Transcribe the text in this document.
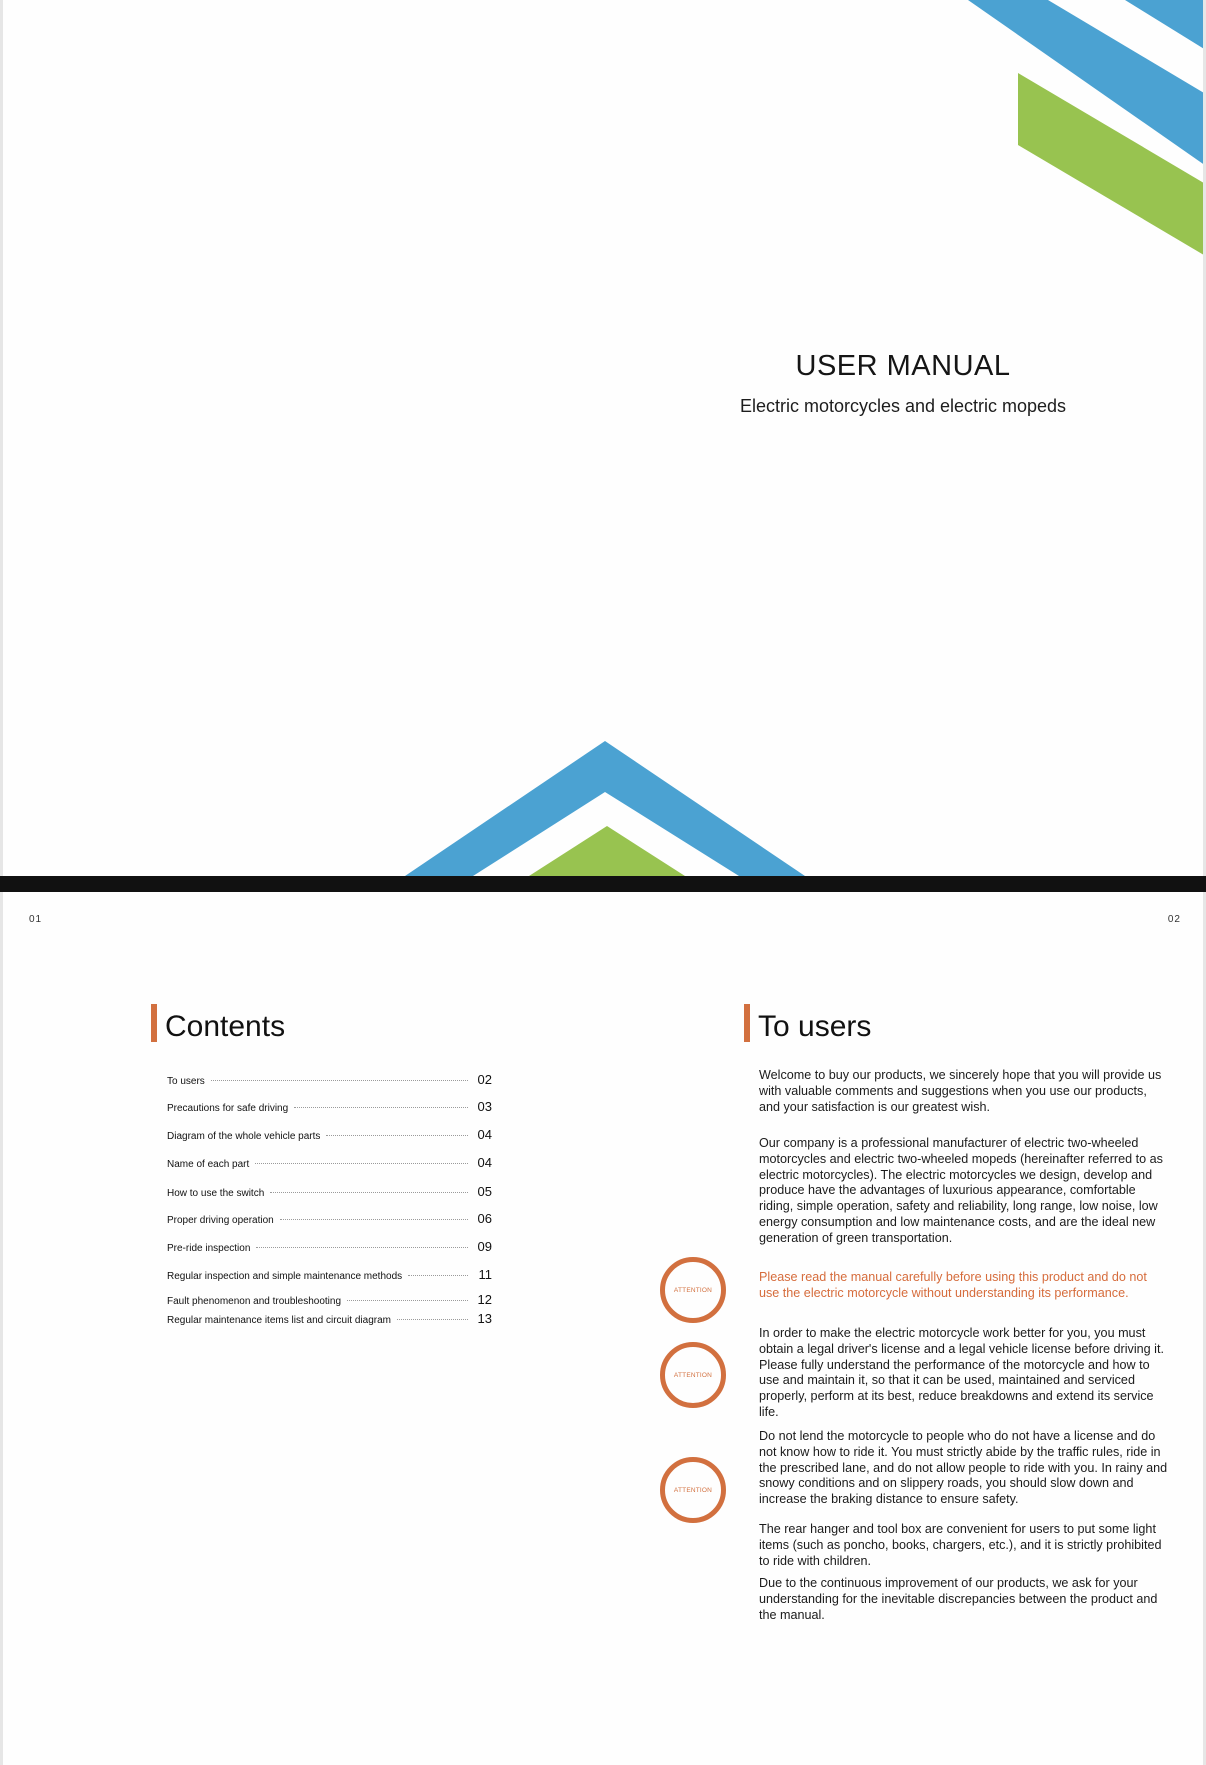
USER MANUAL
Electric motorcycles and electric mopeds
01	02
Contents
To users	02
Precautions for safe driving	03
Diagram of the whole vehicle parts	04
Name of each part	04
How to use the switch	05
Proper driving operation	06
Pre-ride inspection	09
Regular inspection and simple maintenance methods	11
Fault phenomenon and troubleshooting	12
Regular maintenance items list and circuit diagram	13
To users

Welcome to buy our products, we sincerely hope that you will provide us with valuable comments and suggestions when you use our products, and your satisfaction is our greatest wish.

Our company is a professional manufacturer of electric two-wheeled motorcycles and electric two-wheeled mopeds (hereinafter referred to as electric motorcycles). The electric motorcycles we design, develop and produce have the advantages of luxurious appearance, comfortable riding, simple operation, safety and reliability, long range, low noise, low energy consumption and low maintenance costs, and are the ideal new generation of green transportation.

Please read the manual carefully before using this product and do not use the electric motorcycle without understanding its performance.

In order to make the electric motorcycle work better for you, you must obtain a legal driver's license and a legal vehicle license before driving it. Please fully understand the performance of the motorcycle and how to use and maintain it, so that it can be used, maintained and serviced properly, perform at its best, reduce breakdowns and extend its service life.

Do not lend the motorcycle to people who do not have a license and do not know how to ride it. You must strictly abide by the traffic rules, ride in the prescribed lane, and do not allow people to ride with you. In rainy and snowy conditions and on slippery roads, you should slow down and increase the braking distance to ensure safety.

The rear hanger and tool box are convenient for users to put some light items (such as poncho, books, chargers, etc.), and it is strictly prohibited to ride with children.

Due to the continuous improvement of our products, we ask for your understanding for the inevitable discrepancies between the product and the manual.

ATTENTION
ATTENTION
ATTENTION
